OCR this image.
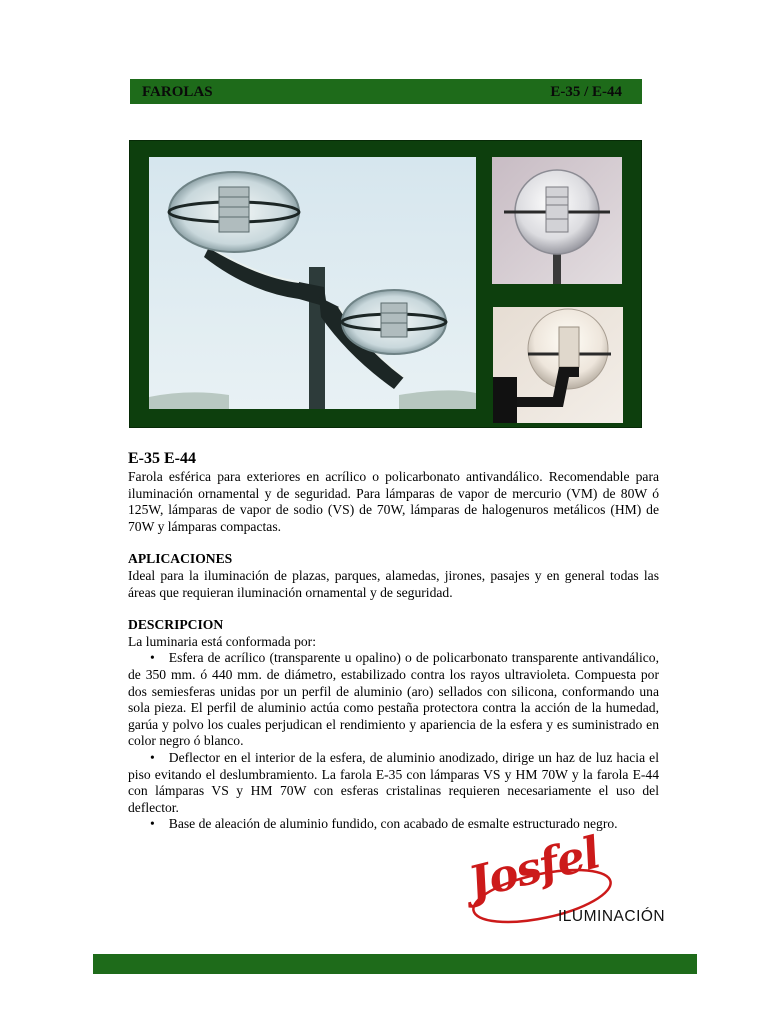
FAROLAS	E-35 / E-44
E-35 E-44

Farola esférica para exteriores en acrílico o policarbonato antivandálico. Recomendable para iluminación ornamental y de seguridad. Para lámparas de vapor de mercurio (VM) de 80W ó 125W, lámparas de vapor de sodio (VS) de 70W, lámparas de halogenuros metálicos (HM) de 70W y lámparas compactas.

APLICACIONES

Ideal para la iluminación de plazas, parques, alamedas, jirones, pasajes y en general todas las áreas que requieran iluminación ornamental y de seguridad.

DESCRIPCION

La luminaria está conformada por:

• Esfera de acrílico (transparente u opalino) o de policarbonato transparente antivandálico, de 350 mm. ó 440 mm. de diámetro, estabilizado contra los rayos ultravioleta. Compuesta por dos semiesferas unidas por un perfil de aluminio (aro) sellados con silicona, conformando una sola pieza. El perfil de aluminio actúa como pestaña protectora contra la acción de la humedad, garúa y polvo los cuales perjudican el rendimiento y apariencia de la esfera y es suministrado en color negro ó blanco.
• Deflector en el interior de la esfera, de aluminio anodizado, dirige un haz de luz hacia el piso evitando el deslumbramiento. La farola E-35 con lámparas VS y HM 70W y la farola E-44 con lámparas VS y HM 70W con esferas cristalinas requieren necesariamente el uso del deflector.
• Base de aleación de aluminio fundido, con acabado de esmalte estructurado negro.
Josfel
ILUMINACIÓN
